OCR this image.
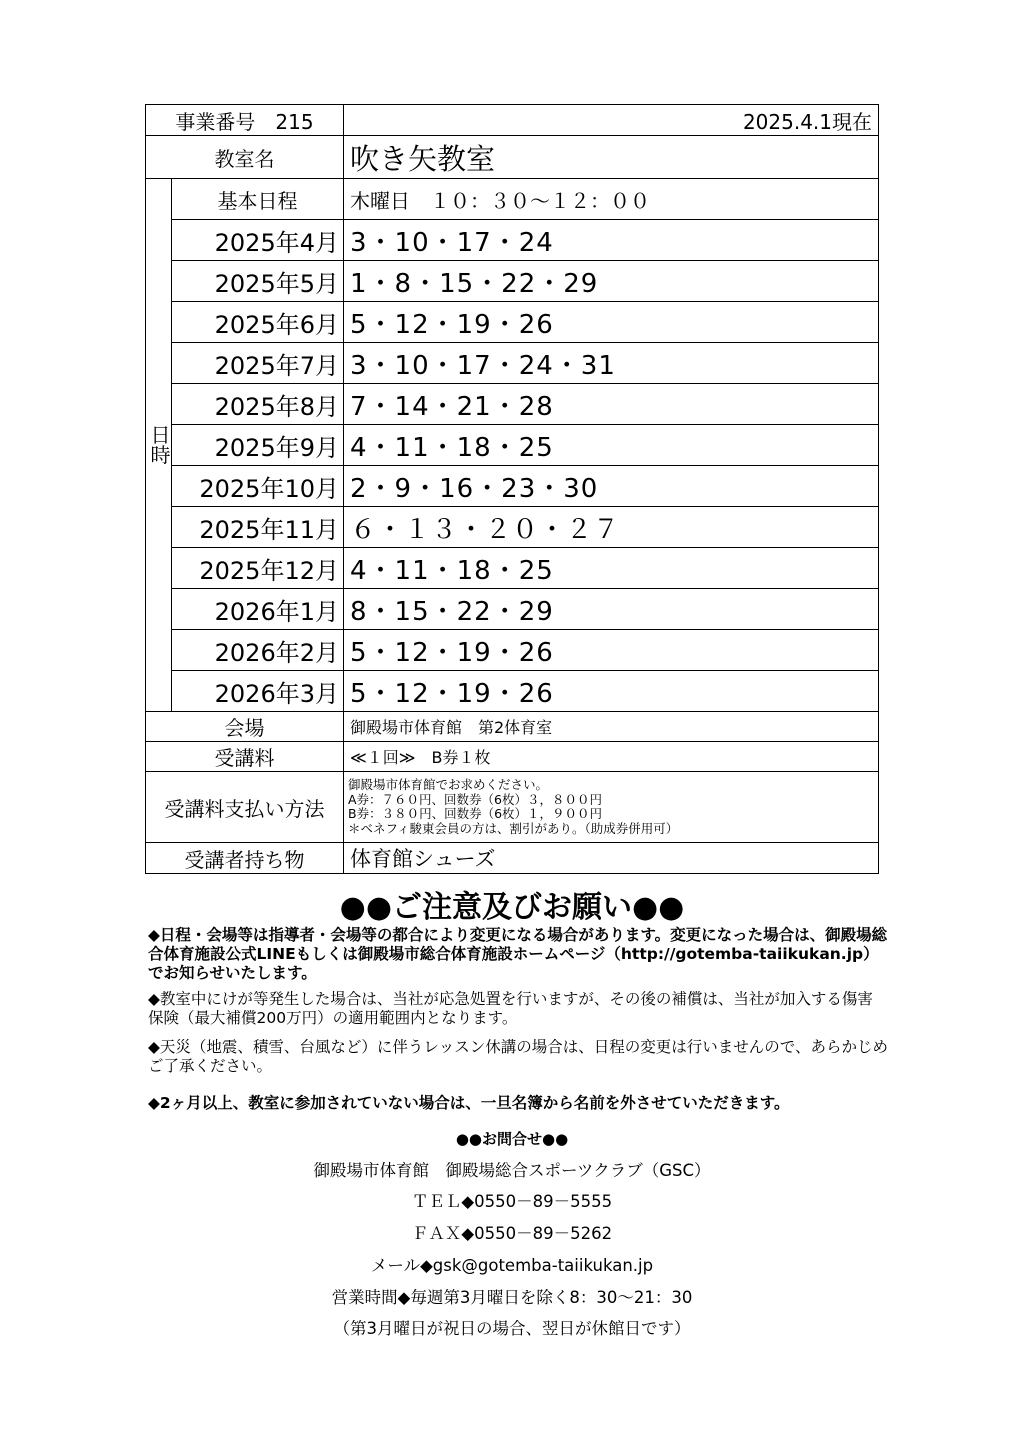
事業番号　215		2025.4.1現在
教室名		吹き矢教室
日時	基本日程	木曜日　１０：３０～１２：００
	2025年4月	3・10・17・24
	2025年5月	1・8・15・22・29
	2025年6月	5・12・19・26
	2025年7月	3・10・17・24・31
	2025年8月	7・14・21・28
	2025年9月	4・11・18・25
	2025年10月	2・9・16・23・30
	2025年11月	６・１３・２０・２７
	2025年12月	4・11・18・25
	2026年1月	8・15・22・29
	2026年2月	5・12・19・26
	2026年3月	5・12・19・26
会場		御殿場市体育館　第2体育室
受講料		≪１回≫　B券１枚
受講料支払い方法		御殿場市体育館でお求めください。
A券：７６０円、回数券（6枚）３，８００円
B券：３８０円、回数券（6枚）１，９００円
＊ベネフィ駿東会員の方は、割引があり。（助成券併用可）

受講者持ち物		体育館シューズ
●●ご注意及びお願い●●
◆日程・会場等は指導者・会場等の都合により変更になる場合があります。変更になった場合は、御殿場総合体育施設公式LINEもしくは御殿場市総合体育施設ホームページ（http://gotemba-taiikukan.jp）でお知らせいたします。
◆教室中にけが等発生した場合は、当社が応急処置を行いますが、その後の補償は、当社が加入する傷害保険（最大補償200万円）の適用範囲内となります。
◆天災（地震、積雪、台風など）に伴うレッスン休講の場合は、日程の変更は行いませんので、あらかじめご了承ください。
◆2ヶ月以上、教室に参加されていない場合は、一旦名簿から名前を外させていただきます。
●●お問合せ●●
御殿場市体育館　御殿場総合スポーツクラブ（GSC）
ＴＥＬ◆0550－89－5555
ＦＡＸ◆0550－89－5262
メール◆gsk@gotemba-taiikukan.jp
営業時間◆毎週第3月曜日を除く8：30～21：30
（第3月曜日が祝日の場合、翌日が休館日です）
